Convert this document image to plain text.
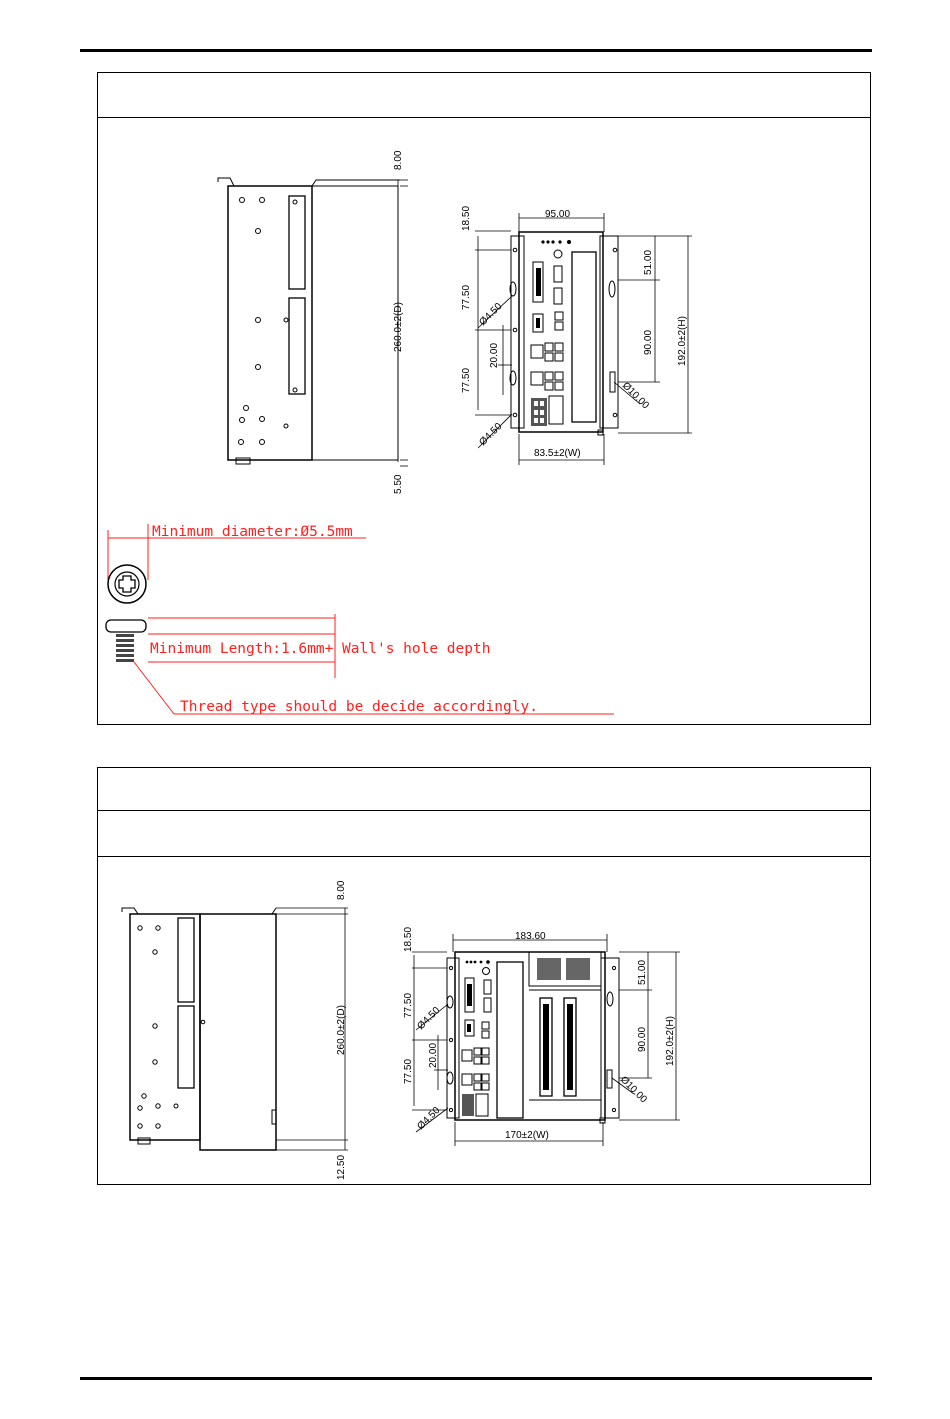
8.00
260.0±2(D)
5.50
95.00
18.50
77.50
20.00
77.50
Ø4.50
Ø4.50
51.00
90.00 192.0±2(H)
Ø10.00
83.5±2(W)
Minimum diameter:Ø5.5mm
Minimum Length:1.6mm+ Wall's hole depth
Thread type should be decide accordingly.
8.00
260.0±2(D)
12.50
183.60
18.50
77.50
20.00
77.50
Ø4.50
Ø4.50
51.00
90.00 192.0±2(H)
Ø10.00
170±2(W)
